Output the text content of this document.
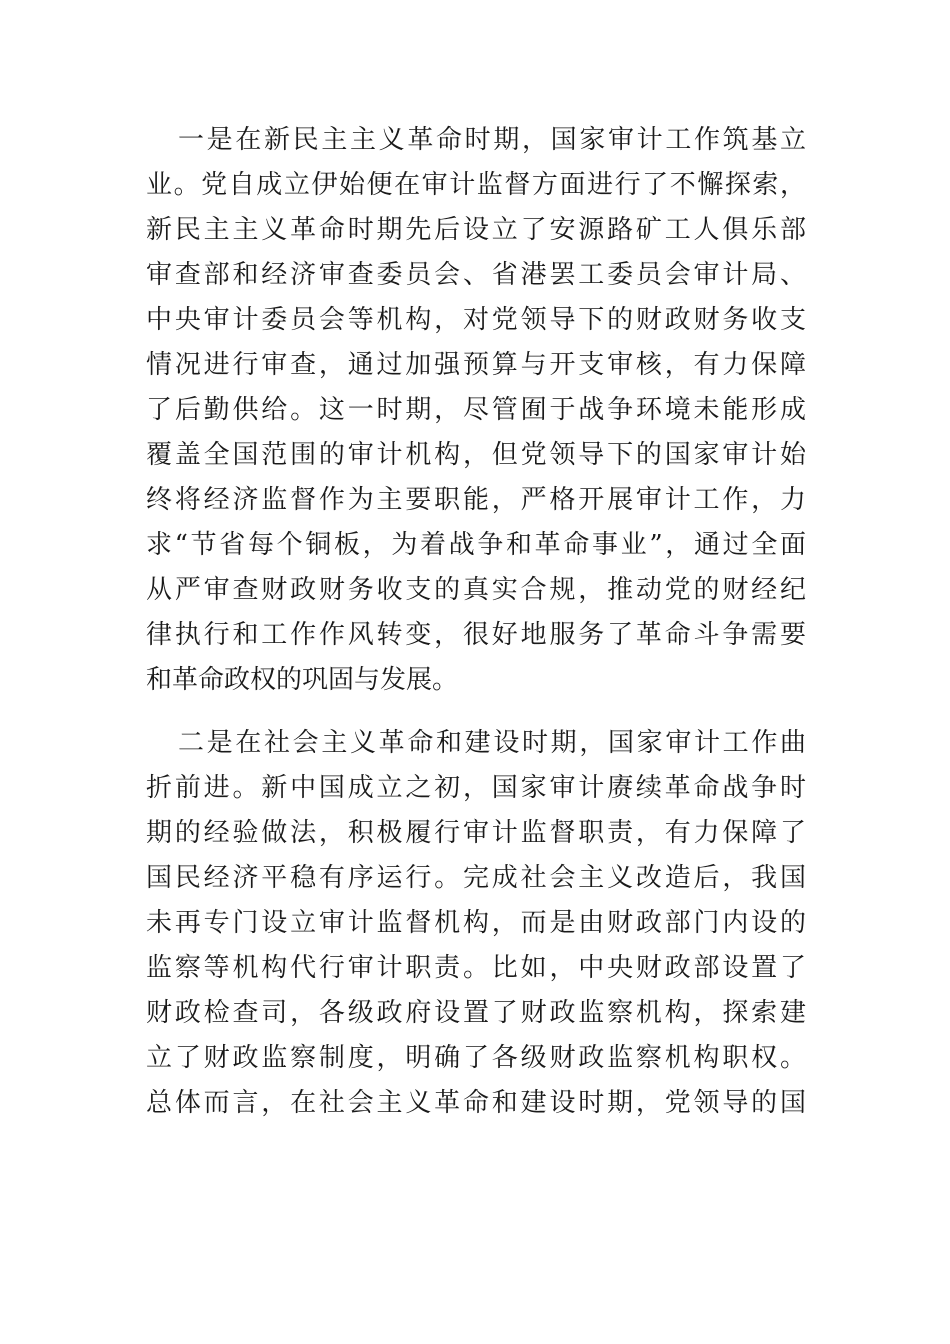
一是在新民主主义革命时期，国家审计工作筑基立
业。党自成立伊始便在审计监督方面进行了不懈探索，
新民主主义革命时期先后设立了安源路矿工人俱乐部
审查部和经济审查委员会、省港罢工委员会审计局、
中央审计委员会等机构，对党领导下的财政财务收支
情况进行审查，通过加强预算与开支审核，有力保障
了后勤供给。这一时期，尽管囿于战争环境未能形成
覆盖全国范围的审计机构，但党领导下的国家审计始
终将经济监督作为主要职能，严格开展审计工作，力
求“节省每个铜板，为着战争和革命事业”，通过全面
从严审查财政财务收支的真实合规，推动党的财经纪
律执行和工作作风转变，很好地服务了革命斗争需要
和革命政权的巩固与发展。

二是在社会主义革命和建设时期，国家审计工作曲
折前进。新中国成立之初，国家审计赓续革命战争时
期的经验做法，积极履行审计监督职责，有力保障了
国民经济平稳有序运行。完成社会主义改造后，我国
未再专门设立审计监督机构，而是由财政部门内设的
监察等机构代行审计职责。比如，中央财政部设置了
财政检查司，各级政府设置了财政监察机构，探索建
立了财政监察制度，明确了各级财政监察机构职权。
总体而言，在社会主义革命和建设时期，党领导的国
